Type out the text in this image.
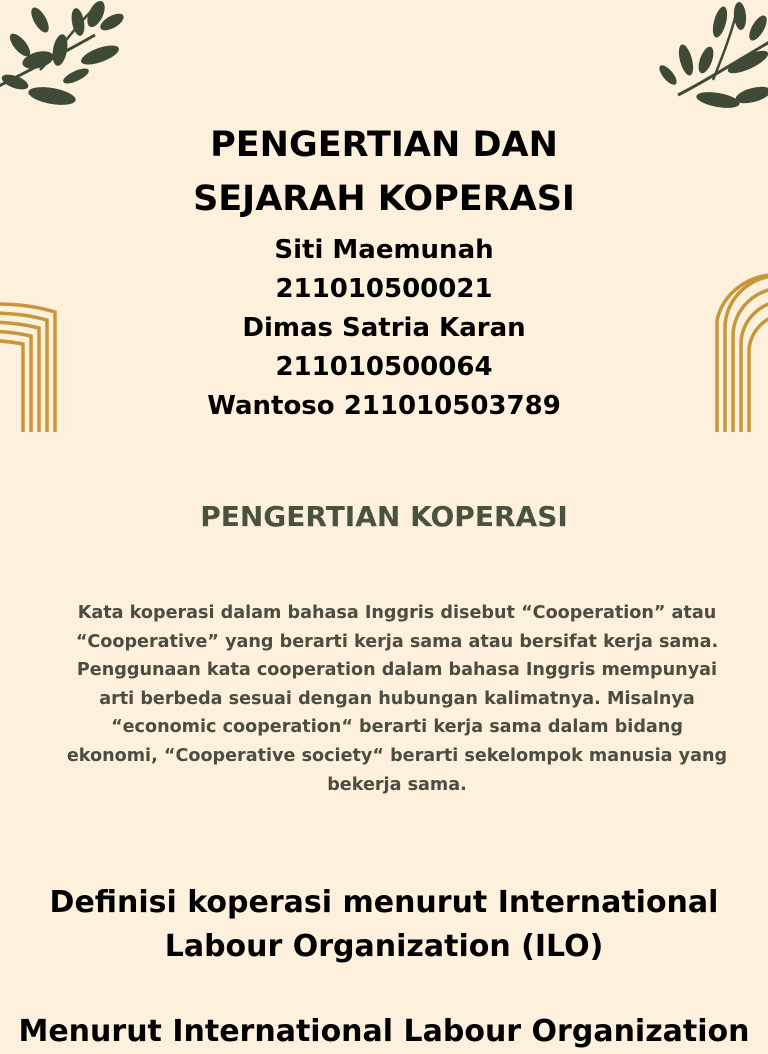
PENGERTIAN DAN
SEJARAH KOPERASI
Siti Maemunah
211010500021
Dimas Satria Karan
211010500064
Wantoso 211010503789
PENGERTIAN KOPERASI
Kata koperasi dalam bahasa Inggris disebut “Cooperation” atau
“Cooperative” yang berarti kerja sama atau bersifat kerja sama.
Penggunaan kata cooperation dalam bahasa Inggris mempunyai
arti berbeda sesuai dengan hubungan kalimatnya. Misalnya
“economic cooperation“ berarti kerja sama dalam bidang
ekonomi, “Cooperative society“ berarti sekelompok manusia yang
bekerja sama.
Definisi koperasi menurut International
Labour Organization (ILO)
Menurut International Labour Organization
